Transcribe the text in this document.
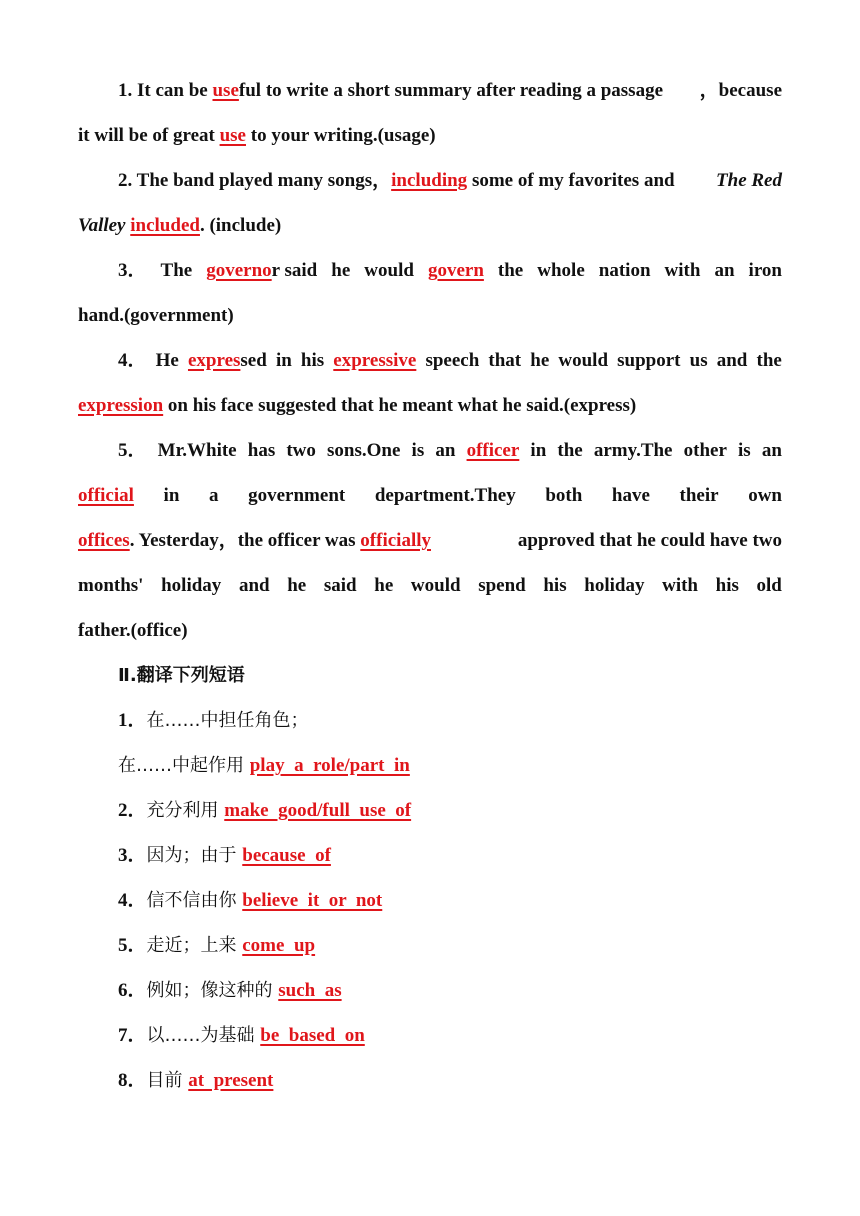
1. It can be useful to write a short summary after reading a passage ，because
it will be of great use to your writing.(usage)
2. The band played many songs，including some of my favorites and The Red
Valley included. (include)
3． The governor said he would govern the whole nation with an iron
hand.(government)
4． He expressed in his expressive speech that he would support us and the
expression on his face suggested that he meant what he said.(express)
5． Mr.White has two sons.One is an officer in the army.The other is an
official in a government department.They both have their own
offices. Yesterday，the officer was officially	approved that he could have two
months' holiday and he said he would spend his holiday with his old
father.(office)
Ⅱ.翻译下列短语
1．在……中担任角色；
在……中起作用 play  a  role/part  in
2．充分利用 make  good/full  use  of
3．因为；由于 because  of
4．信不信由你 believe  it  or  not
5．走近；上来 come  up
6．例如；像这种的 such  as
7．以……为基础 be  based  on
8．目前 at  present
